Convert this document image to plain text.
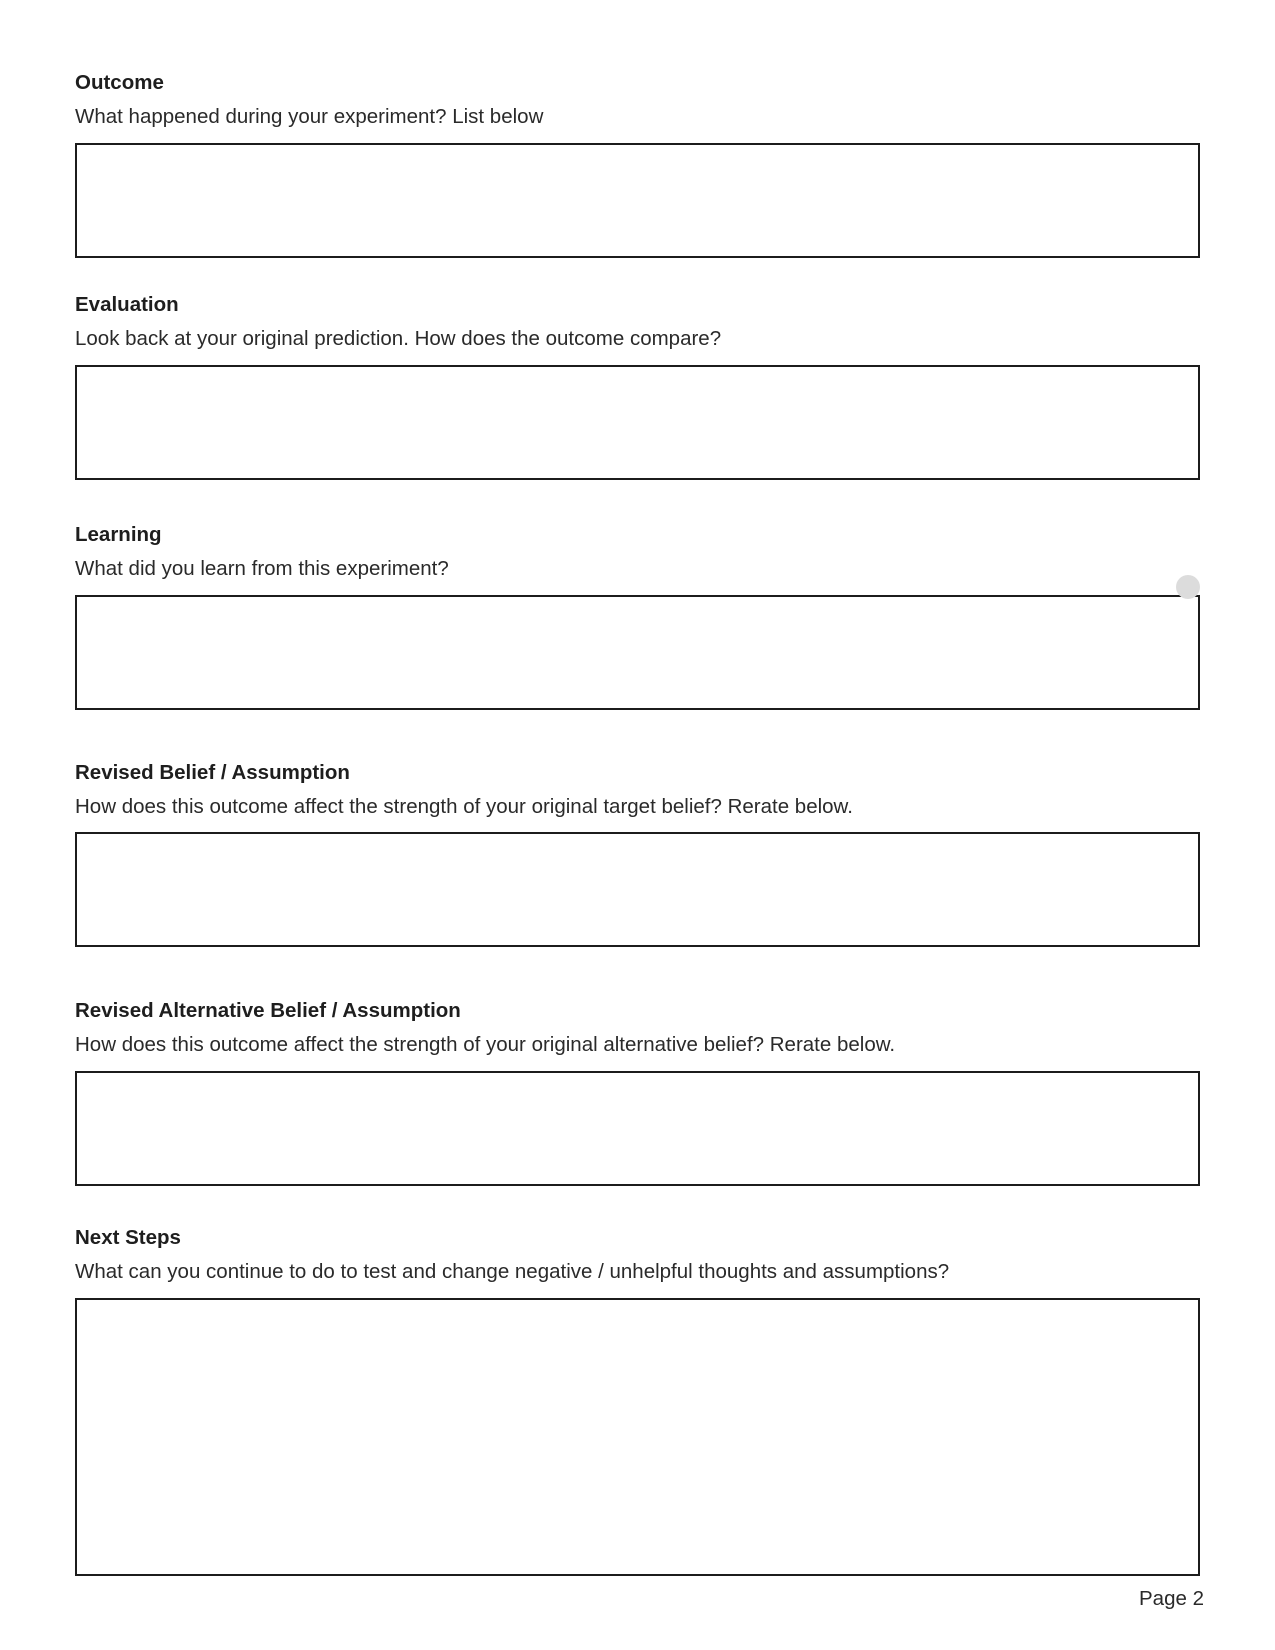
Outcome
What happened during your experiment? List below
Evaluation
Look back at your original prediction. How does the outcome compare?
Learning
What did you learn from this experiment?
Revised Belief / Assumption
How does this outcome affect the strength of your original target belief? Rerate below.
Revised Alternative Belief / Assumption
How does this outcome affect the strength of your original alternative belief? Rerate below.
Next Steps
What can you continue to do to test and change negative / unhelpful thoughts and assumptions?
Page 2
